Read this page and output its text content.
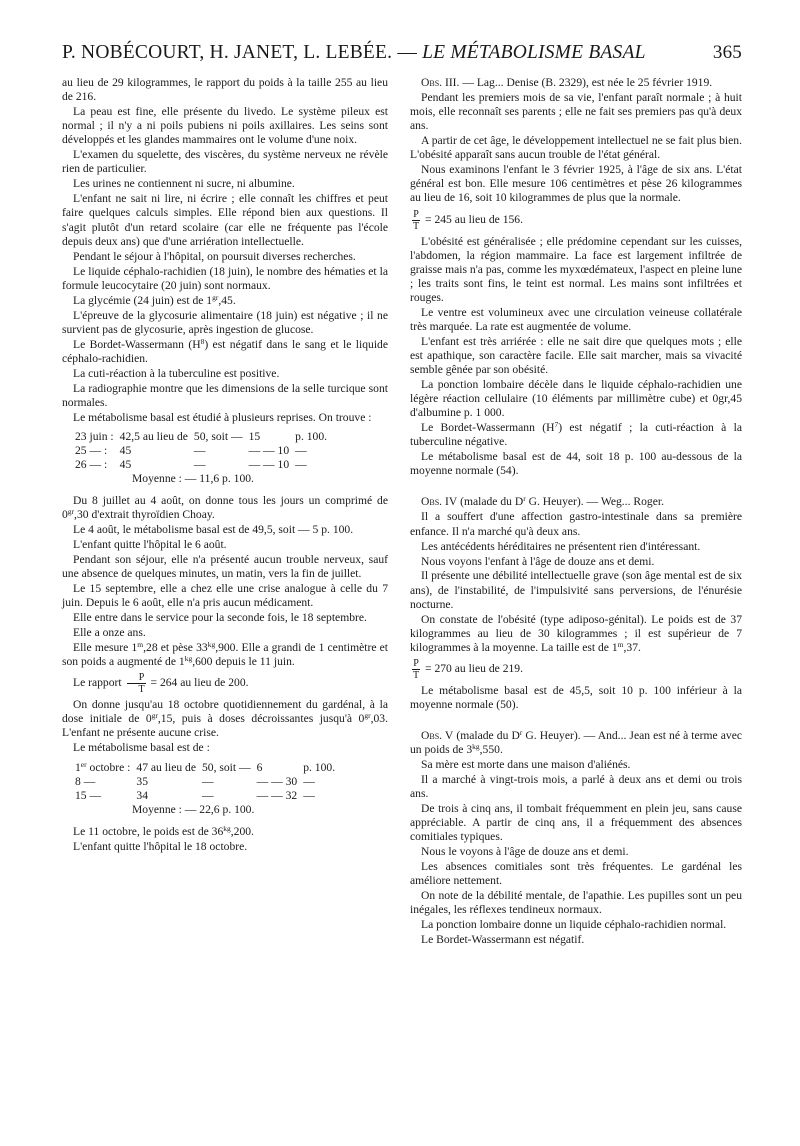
P. NOBÉCOURT, H. JANET, L. LEBÉE. — LE MÉTABOLISME BASAL	365

au lieu de 29 kilogrammes, le rapport du poids à la taille 255 au lieu de 216.

La peau est fine, elle présente du livedo. Le système pileux est normal ; il n'y a ni poils pubiens ni poils axillaires. Les seins sont développés et les glandes mammaires ont le volume d'une noix.

L'examen du squelette, des viscères, du système nerveux ne révèle rien de particulier.

Les urines ne contiennent ni sucre, ni albumine.

L'enfant ne sait ni lire, ni écrire ; elle connaît les chiffres et peut faire quelques calculs simples. Elle répond bien aux questions. Il s'agit plutôt d'un retard scolaire (car elle ne fréquente pas l'école depuis deux ans) que d'une arriération intellectuelle.

Pendant le séjour à l'hôpital, on poursuit diverses recherches.

Le liquide céphalo-rachidien (18 juin), le nombre des hématies et la formule leucocytaire (20 juin) sont normaux.

La glycémie (24 juin) est de $1^{gr},45$.

L'épreuve de la glycosurie alimentaire (18 juin) est négative ; il ne survient pas de glycosurie, après ingestion de glucose.

Le Bordet-Wassermann $(H^8)$ est négatif dans le sang et le liquide céphalo-rachidien.

La cuti-réaction à la tuberculine est positive.

La radiographie montre que les dimensions de la selle turcique sont normales.

Le métabolisme basal est étudié à plusieurs reprises. On trouve :

23 juin :	42,5 au lieu de	50, soit —	15	p. 100.
25 — :	45	—	— — 10	—
26 — :	45	—	— — 10	—
Moyenne : — 11,6 p. 100.				

Du 8 juillet au 4 août, on donne tous les jours un comprimé de $0^{gr},30$ d'extrait thyroïdien Choay.

Le 4 août, le métabolisme basal est de 49,5, soit — 5 p. 100.

L'enfant quitte l'hôpital le 6 août.

Pendant son séjour, elle n'a présenté aucun trouble nerveux, sauf une absence de quelques minutes, un matin, vers la fin de juillet.

Le 15 septembre, elle a chez elle une crise analogue à celle du 7 juin. Depuis le 6 août, elle n'a pris aucun médicament.

Elle entre dans le service pour la seconde fois, le 18 septembre.

Elle a onze ans.

Elle mesure 1$^m$,28 et pèse $33^{kg},900$. Elle a grandi de 1 centimètre et son poids a augmenté de $1^{kg},600$ depuis le 11 juin.

Le rapport $\frac{P}{T} = 264$ au lieu de 200.

On donne jusqu'au 18 octobre quotidiennement du gardénal, à la dose initiale de $0^{gr},15$, puis à doses décroissantes jusqu'à $0^{gr},03$. L'enfant ne présente aucune crise.

Le métabolisme basal est de :

1er octobre :	47 au lieu de	50, soit —	6	p. 100.
8 —	35	—	— — 30	—
15 —	34	—	— — 32	—
Moyenne : — 22,6 p. 100.				

Le 11 octobre, le poids est de $36^{kg},200$.

L'enfant quitte l'hôpital le 18 octobre.

Obs. III. — Lag... Denise (B. 2329), est née le 25 février 1919.

Pendant les premiers mois de sa vie, l'enfant paraît normale ; à huit mois, elle reconnaît ses parents ; elle ne fait ses premiers pas qu'à deux ans.

A partir de cet âge, le développement intellectuel ne se fait plus bien. L'obésité apparaît sans aucun trouble de l'état général.

Nous examinons l'enfant le 3 février 1925, à l'âge de six ans. L'état général est bon. Elle mesure 106 centimètres et pèse 26 kilogrammes au lieu de 16, soit 10 kilogrammes de plus que la normale.

$\frac{P}{T} = 245$ au lieu de 156.

L'obésité est généralisée ; elle prédomine cependant sur les cuisses, l'abdomen, la région mammaire. La face est largement infiltrée de graisse mais n'a pas, comme les myxœdémateux, l'aspect en pleine lune ; les traits sont fins, le teint est normal. Les mains sont infiltrées et rouges.

Le ventre est volumineux avec une circulation veineuse collatérale très marquée. La rate est augmentée de volume.

L'enfant est très arriérée : elle ne sait dire que quelques mots ; elle est apathique, son caractère facile. Elle sait marcher, mais sa vivacité semble gênée par son obésité.

La ponction lombaire décèle dans le liquide céphalo-rachidien une légère réaction cellulaire (10 éléments par millimètre cube) et 0gr,45 d'albumine p. 1 000.

Le Bordet-Wassermann $(H^7)$ est négatif ; la cuti-réaction à la tuberculine négative.

Le métabolisme basal est de 44, soit 18 p. 100 au-dessous de la moyenne normale (54).

Obs. IV (malade du $D^r$ G. Heuyer). — Weg... Roger.

Il a souffert d'une affection gastro-intestinale dans sa première enfance. Il n'a marché qu'à deux ans.

Les antécédents héréditaires ne présentent rien d'intéressant.

Nous voyons l'enfant à l'âge de douze ans et demi.

Il présente une débilité intellectuelle grave (son âge mental est de six ans), de l'instabilité, de l'impulsivité sans perversions, de l'énurésie nocturne.

On constate de l'obésité (type adiposo-génital). Le poids est de 37 kilogrammes au lieu de 30 kilogrammes ; il est supérieur de 7 kilogrammes à la moyenne. La taille est de 1$^m$,37.

$\frac{P}{T} = 270$ au lieu de 219.

Le métabolisme basal est de 45,5, soit 10 p. 100 inférieur à la moyenne normale (50).

Obs. V (malade du $D^r$ G. Heuyer). — And... Jean est né à terme avec un poids de $3^{kg},550$.

Sa mère est morte dans une maison d'aliénés.

Il a marché à vingt-trois mois, a parlé à deux ans et demi ou trois ans.

De trois à cinq ans, il tombait fréquemment en plein jeu, sans cause appréciable. A partir de cinq ans, il a fréquemment des absences comitiales typiques.

Nous le voyons à l'âge de douze ans et demi.

Les absences comitiales sont très fréquentes. Le gardénal les améliore nettement.

On note de la débilité mentale, de l'apathie. Les pupilles sont un peu inégales, les réflexes tendineux normaux.

La ponction lombaire donne un liquide céphalo-rachidien normal.

Le Bordet-Wassermann est négatif.
